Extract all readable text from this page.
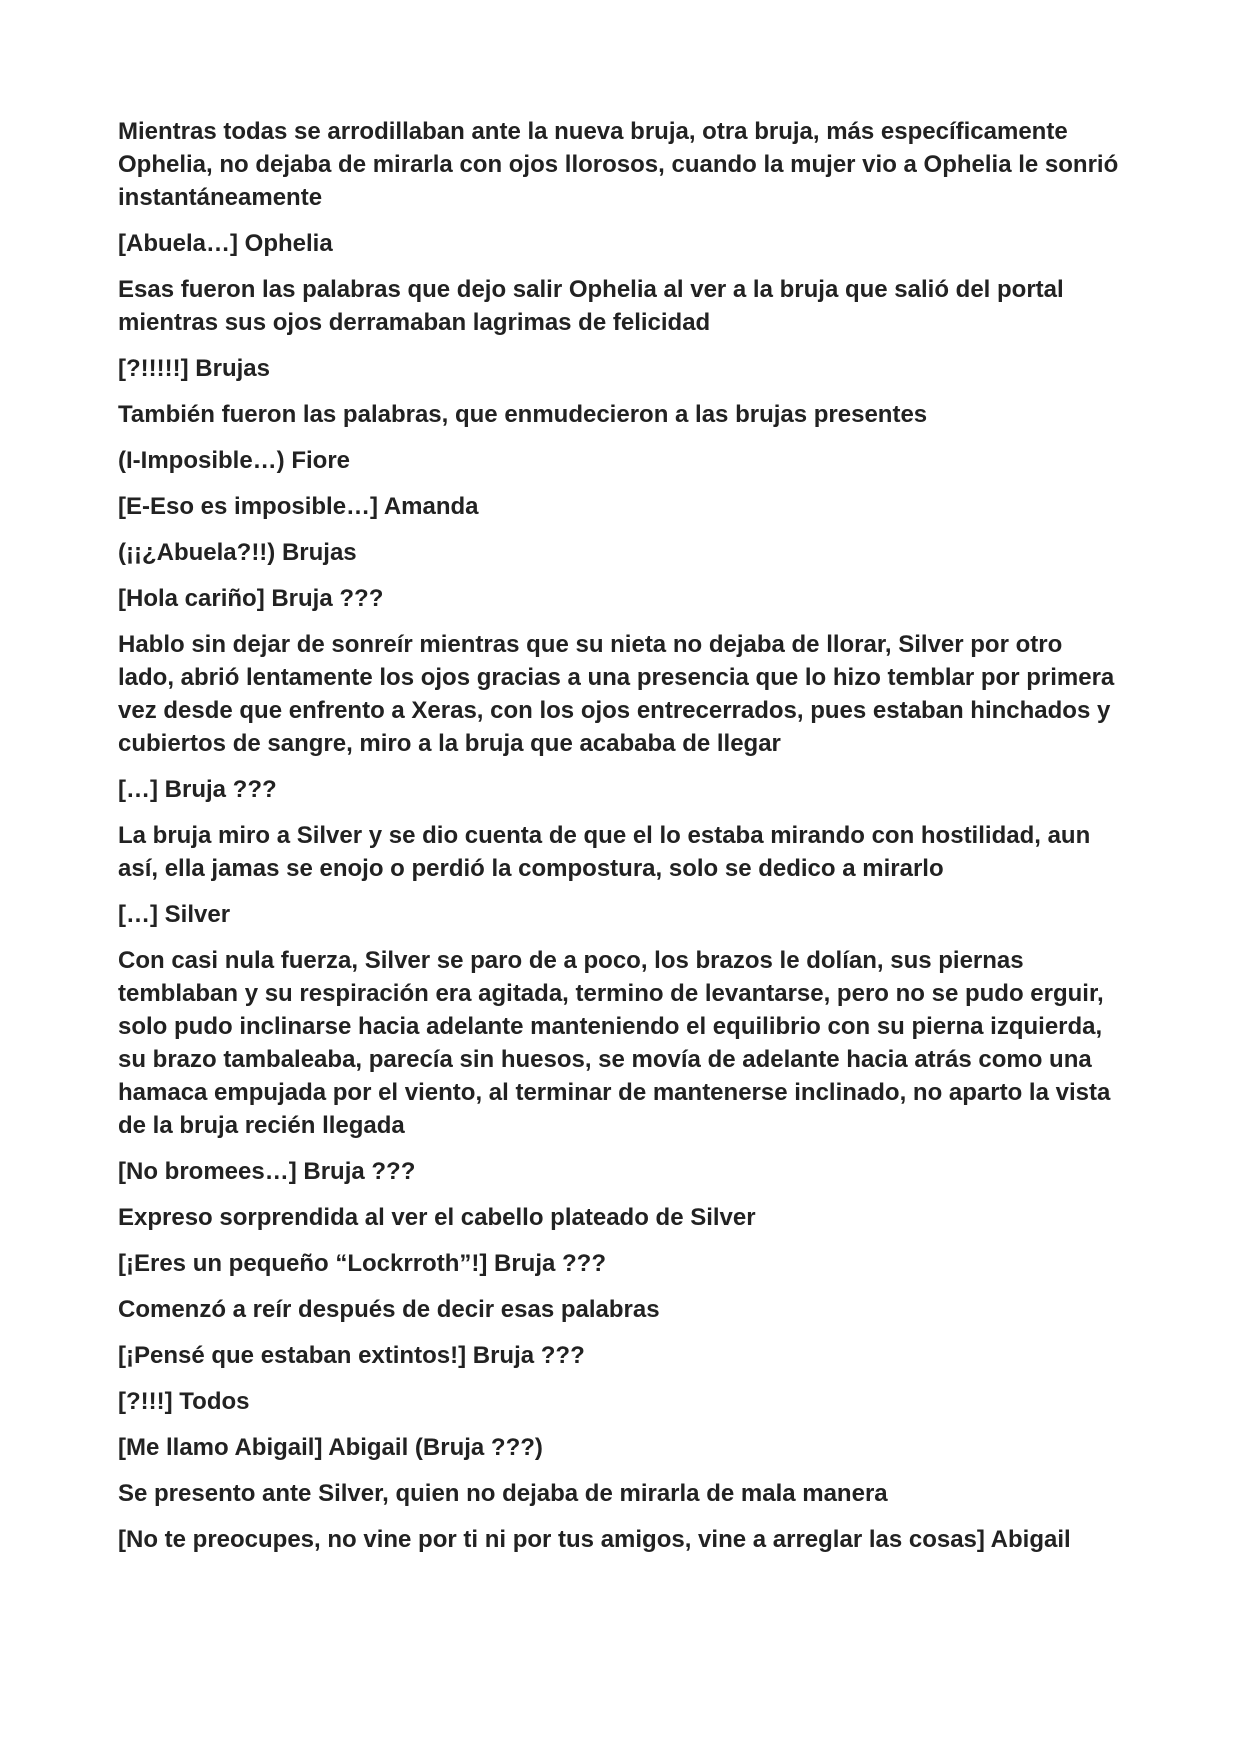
Mientras todas se arrodillaban ante la nueva bruja, otra bruja, más específicamente Ophelia, no dejaba de mirarla con ojos llorosos, cuando la mujer vio a Ophelia le sonrió instantáneamente

[Abuela…] Ophelia

Esas fueron las palabras que dejo salir Ophelia al ver a la bruja que salió del portal mientras sus ojos derramaban lagrimas de felicidad

[?!!!!!] Brujas

También fueron las palabras, que enmudecieron a las brujas presentes

(I-Imposible…) Fiore

[E-Eso es imposible…] Amanda

(¡¡¿Abuela?!!) Brujas

[Hola cariño] Bruja ???

Hablo sin dejar de sonreír mientras que su nieta no dejaba de llorar, Silver por otro lado, abrió lentamente los ojos gracias a una presencia que lo hizo temblar por primera vez desde que enfrento a Xeras, con los ojos entrecerrados, pues estaban hinchados y cubiertos de sangre, miro a la bruja que acababa de llegar

[…] Bruja ???

La bruja miro a Silver y se dio cuenta de que el lo estaba mirando con hostilidad, aun así, ella jamas se enojo o perdió la compostura, solo se dedico a mirarlo

[…] Silver

Con casi nula fuerza, Silver se paro de a poco, los brazos le dolían, sus piernas temblaban y su respiración era agitada, termino de levantarse, pero no se pudo erguir, solo pudo inclinarse hacia adelante manteniendo el equilibrio con su pierna izquierda, su brazo tambaleaba, parecía sin huesos, se movía de adelante hacia atrás como una hamaca empujada por el viento, al terminar de mantenerse inclinado, no aparto la vista de la bruja recién llegada

[No bromees…] Bruja ???

Expreso sorprendida al ver el cabello plateado de Silver

[¡Eres un pequeño “Lockrroth”!] Bruja ???

Comenzó a reír después de decir esas palabras

[¡Pensé que estaban extintos!] Bruja ???

[?!!!] Todos

[Me llamo Abigail] Abigail (Bruja ???)

Se presento ante Silver, quien no dejaba de mirarla de mala manera

[No te preocupes, no vine por ti ni por tus amigos, vine a arreglar las cosas] Abigail
